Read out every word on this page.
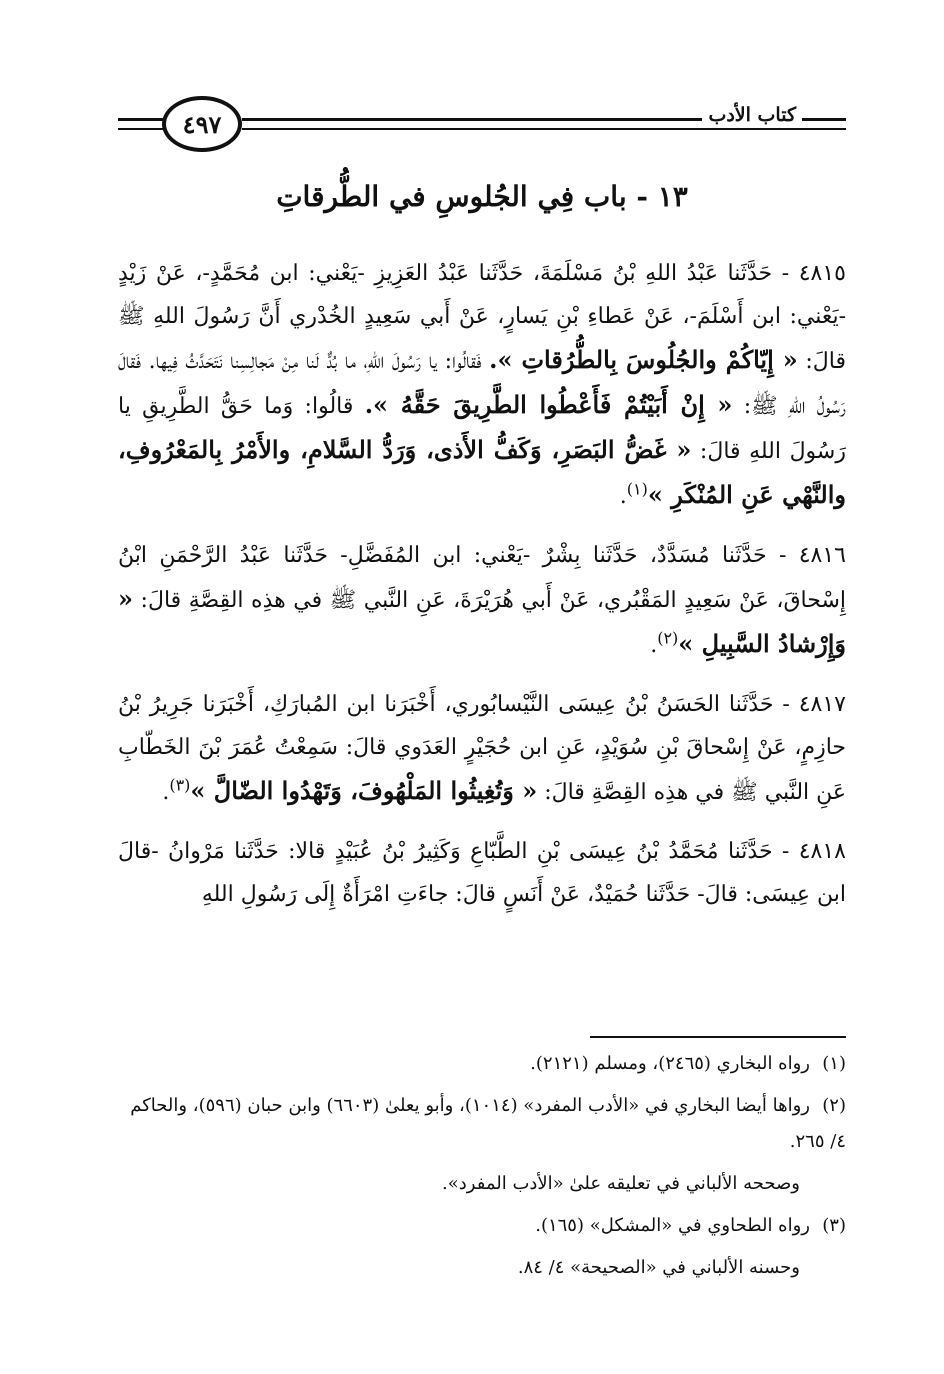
٤٩٧	كتاب الأدب
١٣ - باب فِي الجُلوسِ في الطُّرقاتِ

٤٨١٥ - حَدَّثَنا عَبْدُ اللهِ بْنُ مَسْلَمَةَ، حَدَّثَنا عَبْدُ العَزِيزِ -يَعْني: ابن مُحَمَّدٍ-، عَنْ زَيْدٍ -يَعْني: ابن أَسْلَمَ-، عَنْ عَطاءِ بْنِ يَسارٍ، عَنْ أَبي سَعِيدٍ الخُدْري أَنَّ رَسُولَ اللهِ ﷺ قالَ: « إِيّاكُمْ والجُلُوسَ بِالطُّرُقاتِ ». فَقالُوا: يا رَسُولَ اللهِ، ما بُدٌّ لَنا مِنْ مَجالِسِنا نَتَحَدَّثُ فِيها. فَقالَ رَسُولُ اللهِ ﷺ: « إِنْ أَبَيْتُمْ فَأَعْطُوا الطَّرِيقَ حَقَّهُ ». قالُوا: وَما حَقُّ الطَّرِيقِ يا رَسُولَ اللهِ قالَ: « غَضُّ البَصَرِ، وَكَفُّ الأَذى، وَرَدُّ السَّلامِ، والأَمْرُ بِالمَعْرُوفِ، والنَّهْي عَنِ المُنْكَرِ »$^{(١)}$.

٤٨١٦ - حَدَّثَنا مُسَدَّدٌ، حَدَّثَنا بِشْرٌ -يَعْني: ابن المُفَضَّلِ- حَدَّثَنا عَبْدُ الرَّحْمَنِ ابْنُ إِسْحاقَ، عَنْ سَعِيدٍ المَقْبُري، عَنْ أَبي هُرَيْرَةَ، عَنِ النَّبي ﷺ في هذِه القِصَّةِ قالَ: « وَإِرْشادُ السَّبِيلِ »$^{(٢)}$.

٤٨١٧ - حَدَّثَنا الحَسَنُ بْنُ عِيسَى النَّيْسابُوري، أَخْبَرَنا ابن المُبارَكِ، أَخْبَرَنا جَرِيرُ بْنُ حازِمٍ، عَنْ إِسْحاقَ بْنِ سُوَيْدٍ، عَنِ ابن حُجَيْرٍ العَدَوي قالَ: سَمِعْتُ عُمَرَ بْنَ الخَطّابِ عَنِ النَّبي ﷺ في هذِه القِصَّةِ قالَ: « وَتُغِيثُوا المَلْهُوفَ، وَتَهْدُوا الضّالَّ »$^{(٣)}$.

٤٨١٨ - حَدَّثَنا مُحَمَّدُ بْنُ عِيسَى بْنِ الطَّبّاعِ وَكَثِيرُ بْنُ عُبَيْدٍ قالا: حَدَّثَنا مَرْوانُ -قالَ ابن عِيسَى: قالَ- حَدَّثَنا حُمَيْدٌ، عَنْ أَنَسٍ قالَ: جاءَتِ امْرَأَةٌ إِلَى رَسُولِ اللهِ

(١)رواه البخاري (٢٤٦٥)، ومسلم (٢١٢١).

(٢)رواها أيضا البخاري في «الأدب المفرد» (١٠١٤)، وأبو يعلىٰ (٦٦٠٣) وابن حبان (٥٩٦)، والحاكم ٤/ ٢٦٥.

وصححه الألباني في تعليقه علىٰ «الأدب المفرد».

(٣)رواه الطحاوي في «المشكل» (١٦٥).

وحسنه الألباني في «الصحيحة» ٤/ ٨٤.
